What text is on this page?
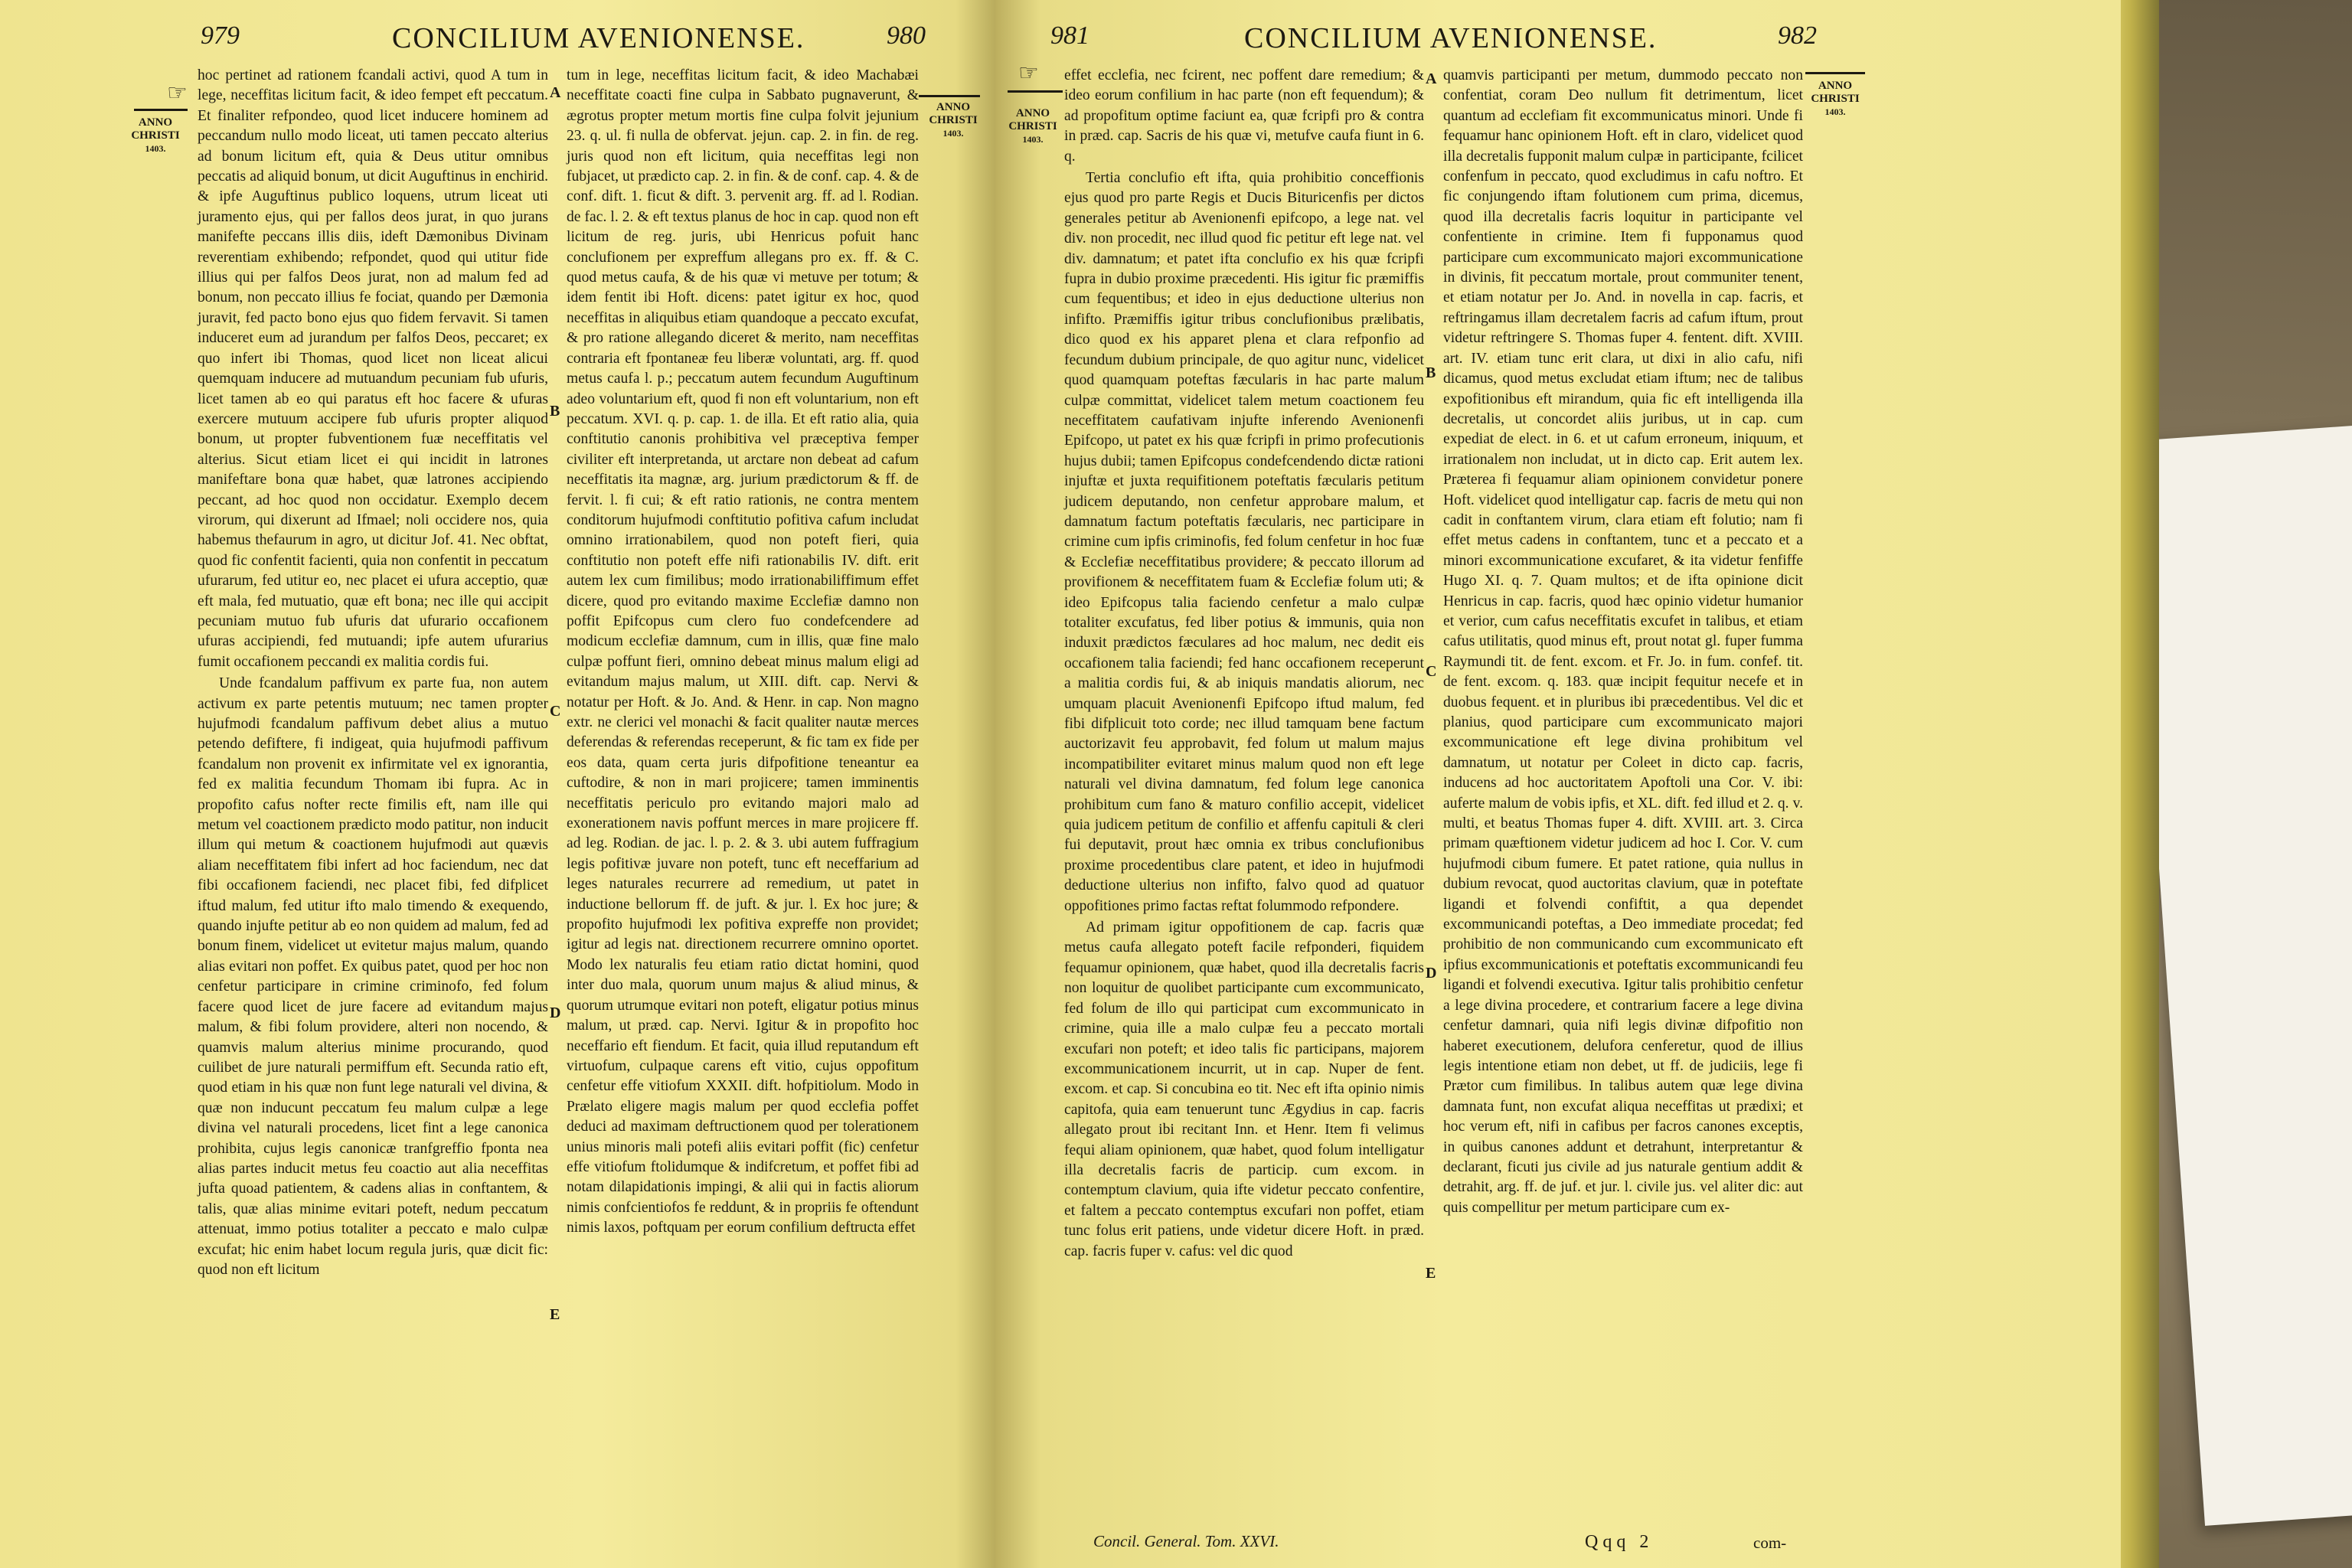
979	CONCILIUM AVENIONENSE.	980
☞
ANNO
CHRISTI
1403.

hoc pertinet ad rationem fcandali activi, quod A tum in lege, neceffitas licitum facit, & ideo fempet eft peccatum. Et finaliter refpondeo, quod licet inducere hominem ad peccandum nullo modo liceat, uti tamen peccato alterius ad bonum licitum eft, quia & Deus utitur omnibus peccatis ad aliquid bonum, ut dicit Auguftinus in enchirid. & ipfe Auguftinus publico loquens, utrum liceat uti juramento ejus, qui per fallos deos jurat, in quo jurans manifefte peccans illis diis, ideft Dæmonibus Divinam reverentiam exhibendo; refpondet, quod qui utitur fide illius qui per falfos Deos jurat, non ad malum fed ad bonum, non peccato illius fe fociat, quando per Dæmonia juravit, fed pacto bono ejus quo fidem fervavit. Si tamen induceret eum ad jurandum per falfos Deos, peccaret; ex quo infert ibi Thomas, quod licet non liceat alicui quemquam inducere ad mutuandum pecuniam fub ufuris, licet tamen ab eo qui paratus eft hoc facere & ufuras exercere mutuum accipere fub ufuris propter aliquod bonum, ut propter fubventionem fuæ neceffitatis vel alterius. Sicut etiam licet ei qui incidit in latrones manifeftare bona quæ habet, quæ latrones accipiendo peccant, ad hoc quod non occidatur. Exemplo decem virorum, qui dixerunt ad Ifmael; noli occidere nos, quia habemus thefaurum in agro, ut dicitur Jof. 41. Nec obftat, quod fic confentit facienti, quia non confentit in peccatum ufurarum, fed utitur eo, nec placet ei ufura acceptio, quæ eft mala, fed mutuatio, quæ eft bona; nec ille qui accipit pecuniam mutuo fub ufuris dat ufurario occafionem ufuras accipiendi, fed mutuandi; ipfe autem ufurarius fumit occafionem peccandi ex malitia cordis fui.

Unde fcandalum paffivum ex parte fua, non autem activum ex parte petentis mutuum; nec tamen propter hujufmodi fcandalum paffivum debet alius a mutuo petendo defiftere, fi indigeat, quia hujufmodi paffivum fcandalum non provenit ex infirmitate vel ex ignorantia, fed ex malitia fecundum Thomam ibi fupra. Ac in propofito cafus nofter recte fimilis eft, nam ille qui metum vel coactionem prædicto modo patitur, non inducit illum qui metum & coactionem hujufmodi aut quævis aliam neceffitatem fibi infert ad hoc faciendum, nec dat fibi occafionem faciendi, nec placet fibi, fed difplicet iftud malum, fed utitur ifto malo timendo & exequendo, quando injufte petitur ab eo non quidem ad malum, fed ad bonum finem, videlicet ut evitetur majus malum, quando alias evitari non poffet. Ex quibus patet, quod per hoc non cenfetur participare in crimine criminofo, fed folum facere quod licet de jure facere ad evitandum majus malum, & fibi folum providere, alteri non nocendo, & quamvis malum alterius minime procurando, quod cuilibet de jure naturali permiffum eft. Secunda ratio eft, quod etiam in his quæ non funt lege naturali vel divina, & quæ non inducunt peccatum feu malum culpæ a lege divina vel naturali procedens, licet fint a lege canonica prohibita, cujus legis canonicæ tranfgreffio fponta nea alias partes inducit metus feu coactio aut alia neceffitas jufta quoad patientem, & cadens alias in conftantem, & talis, quæ alias minime evitari poteft, nedum peccatum attenuat, immo potius totaliter a peccato e malo culpæ excufat; hic enim habet locum regula juris, quæ dicit fic: quod non eft licitum

A
B
C
D
E

tum in lege, neceffitas licitum facit, & ideo Machabæi neceffitate coacti fine culpa in Sabbato pugnaverunt, & ægrotus propter metum mortis fine culpa folvit jejunium 23. q. ul. fi nulla de obfervat. jejun. cap. 2. in fin. de reg. juris quod non eft licitum, quia neceffitas legi non fubjacet, ut prædicto cap. 2. in fin. & de conf. cap. 4. & de conf. dift. 1. ficut & dift. 3. pervenit arg. ff. ad l. Rodian. de fac. l. 2. & eft textus planus de hoc in cap. quod non eft licitum de reg. juris, ubi Henricus pofuit hanc conclufionem per expreffum allegans pro ex. ff. & C. quod metus caufa, & de his quæ vi metuve per totum; & idem fentit ibi Hoft. dicens: patet igitur ex hoc, quod neceffitas in aliquibus etiam quandoque a peccato excufat, & pro ratione allegando diceret & merito, nam neceffitas contraria eft fpontaneæ feu liberæ voluntati, arg. ff. quod metus caufa l. p.; peccatum autem fecundum Auguftinum adeo voluntarium eft, quod fi non eft voluntarium, non eft peccatum. XVI. q. p. cap. 1. de illa. Et eft ratio alia, quia conftitutio canonis prohibitiva vel præceptiva femper civiliter eft interpretanda, ut arctare non debeat ad cafum neceffitatis ita magnæ, arg. jurium prædictorum & ff. de fervit. l. fi cui; & eft ratio rationis, ne contra mentem conditorum hujufmodi conftitutio pofitiva cafum includat omnino irrationabilem, quod non poteft fieri, quia conftitutio non poteft effe nifi rationabilis IV. dift. erit autem lex cum fimilibus; modo irrationabiliffimum effet dicere, quod pro evitando maxime Ecclefiæ damno non poffit Epifcopus cum clero fuo condefcendere ad modicum ecclefiæ damnum, cum in illis, quæ fine malo culpæ poffunt fieri, omnino debeat minus malum eligi ad evitandum majus malum, ut XIII. dift. cap. Nervi & notatur per Hoft. & Jo. And. & Henr. in cap. Non magno extr. ne clerici vel monachi & facit qualiter nautæ merces deferendas & referendas receperunt, & fic tam ex fide per eos data, quam certa juris difpofitione teneantur ea cuftodire, & non in mari projicere; tamen imminentis neceffitatis periculo pro evitando majori malo ad exonerationem navis poffunt merces in mare projicere ff. ad leg. Rodian. de jac. l. p. 2. & 3. ubi autem fuffragium legis pofitivæ juvare non poteft, tunc eft neceffarium ad leges naturales recurrere ad remedium, ut patet in inductione bellorum ff. de juft. & jur. l. Ex hoc jure; & propofito hujufmodi lex pofitiva expreffe non providet; igitur ad legis nat. directionem recurrere omnino oportet. Modo lex naturalis feu etiam ratio dictat homini, quod inter duo mala, quorum unum majus & aliud minus, & quorum utrumque evitari non poteft, eligatur potius minus malum, ut præd. cap. Nervi. Igitur & in propofito hoc neceffario eft fiendum. Et facit, quia illud reputandum eft virtuofum, culpaque carens eft vitio, cujus oppofitum cenfetur effe vitiofum XXXII. dift. hofpitiolum. Modo in Prælato eligere magis malum per quod ecclefia poffet deduci ad maximam deftructionem quod per tolerationem unius minoris mali potefi aliis evitari poffit (fic) cenfetur effe vitiofum ftolidumque & indifcretum, et poffet fibi ad notam dilapidationis impingi, & alii qui in factis aliorum nimis confcientiofos fe reddunt, & in propriis fe oftendunt nimis laxos, poftquam per eorum confilium deftructa effet

ANNO
CHRISTI
1403.
981	CONCILIUM AVENIONENSE.	982
☞
ANNO
CHRISTI
1403.

effet ecclefia, nec fcirent, nec poffent dare remedium; & ideo eorum confilium in hac parte (non eft fequendum); & ad propofitum optime faciunt ea, quæ fcripfi pro & contra in præd. cap. Sacris de his quæ vi, metufve caufa fiunt in 6. q.

Tertia conclufio eft ifta, quia prohibitio conceffionis ejus quod pro parte Regis et Ducis Bituricenfis per dictos generales petitur ab Avenionenfi epifcopo, a lege nat. vel div. non procedit, nec illud quod fic petitur eft lege nat. vel div. damnatum; et patet ifta conclufio ex his quæ fcripfi fupra in dubio proxime præcedenti. His igitur fic præmiffis cum fequentibus; et ideo in ejus deductione ulterius non infifto. Præmiffis igitur tribus conclufionibus prælibatis, dico quod ex his apparet plena et clara refponfio ad fecundum dubium principale, de quo agitur nunc, videlicet quod quamquam poteftas fæcularis in hac parte malum culpæ committat, videlicet talem metum coactionem feu neceffitatem caufativam injufte inferendo Avenionenfi Epifcopo, ut patet ex his quæ fcripfi in primo profecutionis hujus dubii; tamen Epifcopus condefcendendo dictæ rationi injuftæ et juxta requifitionem poteftatis fæcularis petitum judicem deputando, non cenfetur approbare malum, et damnatum factum poteftatis fæcularis, nec participare in crimine cum ipfis criminofis, fed folum cenfetur in hoc fuæ & Ecclefiæ neceffitatibus providere; & peccato illorum ad provifionem & neceffitatem fuam & Ecclefiæ folum uti; & ideo Epifcopus talia faciendo cenfetur a malo culpæ totaliter excufatus, fed liber potius & immunis, quia non induxit prædictos fæculares ad hoc malum, nec dedit eis occafionem talia faciendi; fed hanc occafionem receperunt a malitia cordis fui, & ab iniquis mandatis aliorum, nec umquam placuit Avenionenfi Epifcopo iftud malum, fed fibi difplicuit toto corde; nec illud tamquam bene factum auctorizavit feu approbavit, fed folum ut malum majus incompatibiliter evitaret minus malum quod non eft lege naturali vel divina damnatum, fed folum lege canonica prohibitum cum fano & maturo confilio accepit, videlicet quia judicem petitum de confilio et affenfu capituli & cleri fui deputavit, prout hæc omnia ex tribus conclufionibus proxime procedentibus clare patent, et ideo in hujufmodi deductione ulterius non infifto, falvo quod ad quatuor oppofitiones primo factas reftat folummodo refpondere.

Ad primam igitur oppofitionem de cap. facris quæ metus caufa allegato poteft facile refponderi, fiquidem fequamur opinionem, quæ habet, quod illa decretalis facris non loquitur de quolibet participante cum excommunicato, fed folum de illo qui participat cum excommunicato in crimine, quia ille a malo culpæ feu a peccato mortali excufari non poteft; et ideo talis fic participans, majorem excommunicationem incurrit, ut in cap. Nuper de fent. excom. et cap. Si concubina eo tit. Nec eft ifta opinio nimis capitofa, quia eam tenuerunt tunc Ægydius in cap. facris allegato prout ibi recitant Inn. et Henr. Item fi velimus fequi aliam opinionem, quæ habet, quod folum intelligatur illa decretalis facris de particip. cum excom. in contemptum clavium, quia ifte videtur peccato confentire, et faltem a peccato contemptus excufari non poffet, etiam tunc folus erit patiens, unde videtur dicere Hoft. in præd. cap. facris fuper v. cafus: vel dic quod

A
B
C
D
E

quamvis participanti per metum, dummodo peccato non confentiat, coram Deo nullum fit detrimentum, licet quantum ad ecclefiam fit excommunicatus minori. Unde fi fequamur hanc opinionem Hoft. eft in claro, videlicet quod illa decretalis fupponit malum culpæ in participante, fcilicet confenfum in peccato, quod excludimus in cafu noftro. Et fic conjungendo iftam folutionem cum prima, dicemus, quod illa decretalis facris loquitur in participante vel confentiente in crimine. Item fi fupponamus quod participare cum excommunicato majori excommunicatione in divinis, fit peccatum mortale, prout communiter tenent, et etiam notatur per Jo. And. in novella in cap. facris, et reftringamus illam decretalem facris ad cafum iftum, prout videtur reftringere S. Thomas fuper 4. fentent. dift. XVIII. art. IV. etiam tunc erit clara, ut dixi in alio cafu, nifi dicamus, quod metus excludat etiam iftum; nec de talibus expofitionibus eft mirandum, quia fic eft intelligenda illa decretalis, ut concordet aliis juribus, ut in cap. cum expediat de elect. in 6. et ut cafum erroneum, iniquum, et irrationalem non includat, ut in dicto cap. Erit autem lex. Præterea fi fequamur aliam opinionem convidetur ponere Hoft. videlicet quod intelligatur cap. facris de metu qui non cadit in conftantem virum, clara etiam eft folutio; nam fi effet metus cadens in conftantem, tunc et a peccato et a minori excommunicatione excufaret, & ita videtur fenfiffe Hugo XI. q. 7. Quam multos; et de ifta opinione dicit Henricus in cap. facris, quod hæc opinio videtur humanior et verior, cum cafus neceffitatis excufet in talibus, et etiam cafus utilitatis, quod minus eft, prout notat gl. fuper fumma Raymundi tit. de fent. excom. et Fr. Jo. in fum. confef. tit. de fent. excom. q. 183. quæ incipit fequitur necefe et in duobus fequent. et in pluribus ibi præcedentibus. Vel dic et planius, quod participare cum excommunicato majori excommunicatione eft lege divina prohibitum vel damnatum, ut notatur per Coleet in dicto cap. facris, inducens ad hoc auctoritatem Apoftoli una Cor. V. ibi: auferte malum de vobis ipfis, et XL. dift. fed illud et 2. q. v. multi, et beatus Thomas fuper 4. dift. XVIII. art. 3. Circa primam quæftionem videtur judicem ad hoc I. Cor. V. cum hujufmodi cibum fumere. Et patet ratione, quia nullus in dubium revocat, quod auctoritas clavium, quæ in poteftate ligandi et folvendi confiftit, a qua dependet excommunicandi poteftas, a Deo immediate procedat; fed prohibitio de non communicando cum excommunicato eft ipfius excommunicationis et poteftatis excommunicandi feu ligandi et folvendi executiva. Igitur talis prohibitio cenfetur a lege divina procedere, et contrarium facere a lege divina cenfetur damnari, quia nifi legis divinæ difpofitio non haberet executionem, delufora cenferetur, quod de illius legis intentione etiam non debet, ut ff. de judiciis, lege fi Prætor cum fimilibus. In talibus autem quæ lege divina damnata funt, non excufat aliqua neceffitas ut prædixi; et hoc verum eft, nifi in cafibus per facros canones exceptis, in quibus canones addunt et detrahunt, interpretantur & declarant, ficuti jus civile ad jus naturale gentium addit & detrahit, arg. ff. de juf. et jur. l. civile jus. vel aliter dic: aut quis compellitur per metum participare cum ex-

ANNO
CHRISTI
1403.
Concil. General. Tom. XXVI.	Qqq 2	com-
